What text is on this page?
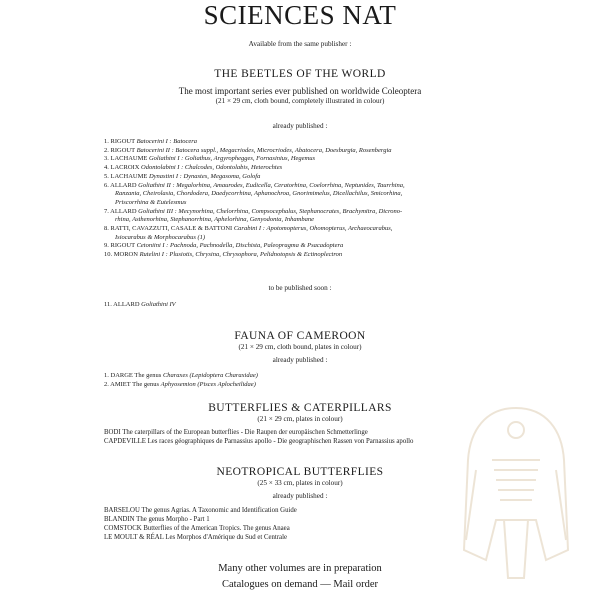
SCIENCES NAT
Available from the same publisher :
THE BEETLES OF THE WORLD
The most important series ever published on worldwide Coleoptera
(21 × 29 cm, cloth bound, completely illustrated in colour)
already published :
1. RIGOUT Batocerini I : Batocera
2. RIGOUT Batocerini II : Batocera suppl., Megacriodes, Microcriodes, Abatocera, Doesburgia, Rosenbergia
3. LACHAUME Goliathini I : Goliathus, Argyrophegges, Fornasinius, Hegemus
4. LACROIX Odontolabini I : Chalcodes, Odontolabis, Heterochtes
5. LACHAUME Dynastini I : Dynastes, Megasoma, Golofa
6. ALLARD Goliathini II : Megalorhina, Amaurodes, Eudicella, Ceratorhina, Coelorrhina, Neptunides, Taurrhina,
Ranzania, Cheirolasia, Chordodera, Daedycorrhina, Aphanochroa, Gnorimimelus, Dicellachilus, Smicorhina,
Priscorrhina & Eutelesmus
7. ALLARD Goliathini III : Mecynorhina, Chelorrhina, Compsocephalus, Stephanocrates, Brachymitra, Dicrono-
rhina, Asthenorhina, Stephanorrhina, Aphelorhina, Genyodonta, Inhambane
8. RATTI, CAVAZZUTI, CASALE & BATTONI Carabini I : Apotomopterus, Ohomopterus, Archaeocarabus,
Isiocarabus & Morphocarabus (1)
9. RIGOUT Cetoniini I : Pachnoda, Pachnodella, Dischista, Paleopragma & Psacadoptera
10. MORON Rutelini I : Plusiotis, Chrysina, Chrysophora, Pelidnotopsis & Ectinoplectron
to be published soon :
11. ALLARD Goliathini IV
FAUNA OF CAMEROON
(21 × 29 cm, cloth bound, plates in colour)
already published :
1. DARGE The genus Charaxes (Lepidoptera Charaxidae)
2. AMIET The genus Aphyosemion (Pisces Aplocheilidae)
BUTTERFLIES & CATERPILLARS
(21 × 29 cm, plates in colour)
BODI The caterpillars of the European butterflies - Die Raupen der europäischen Schmetterlinge
CAPDEVILLE Les races géographiques de Parnassius apollo - Die geographischen Rassen von Parnassius apollo
NEOTROPICAL BUTTERFLIES
(25 × 33 cm, plates in colour)
already published :
BARSELOU The genus Agrias. A Taxonomic and Identification Guide
BLANDIN The genus Morpho - Part 1
COMSTOCK Butterflies of the American Tropics. The genus Anaea
LE MOULT & RÉAL Les Morphos d'Amérique du Sud et Centrale
Many other volumes are in preparation
Catalogues on demand — Mail order
